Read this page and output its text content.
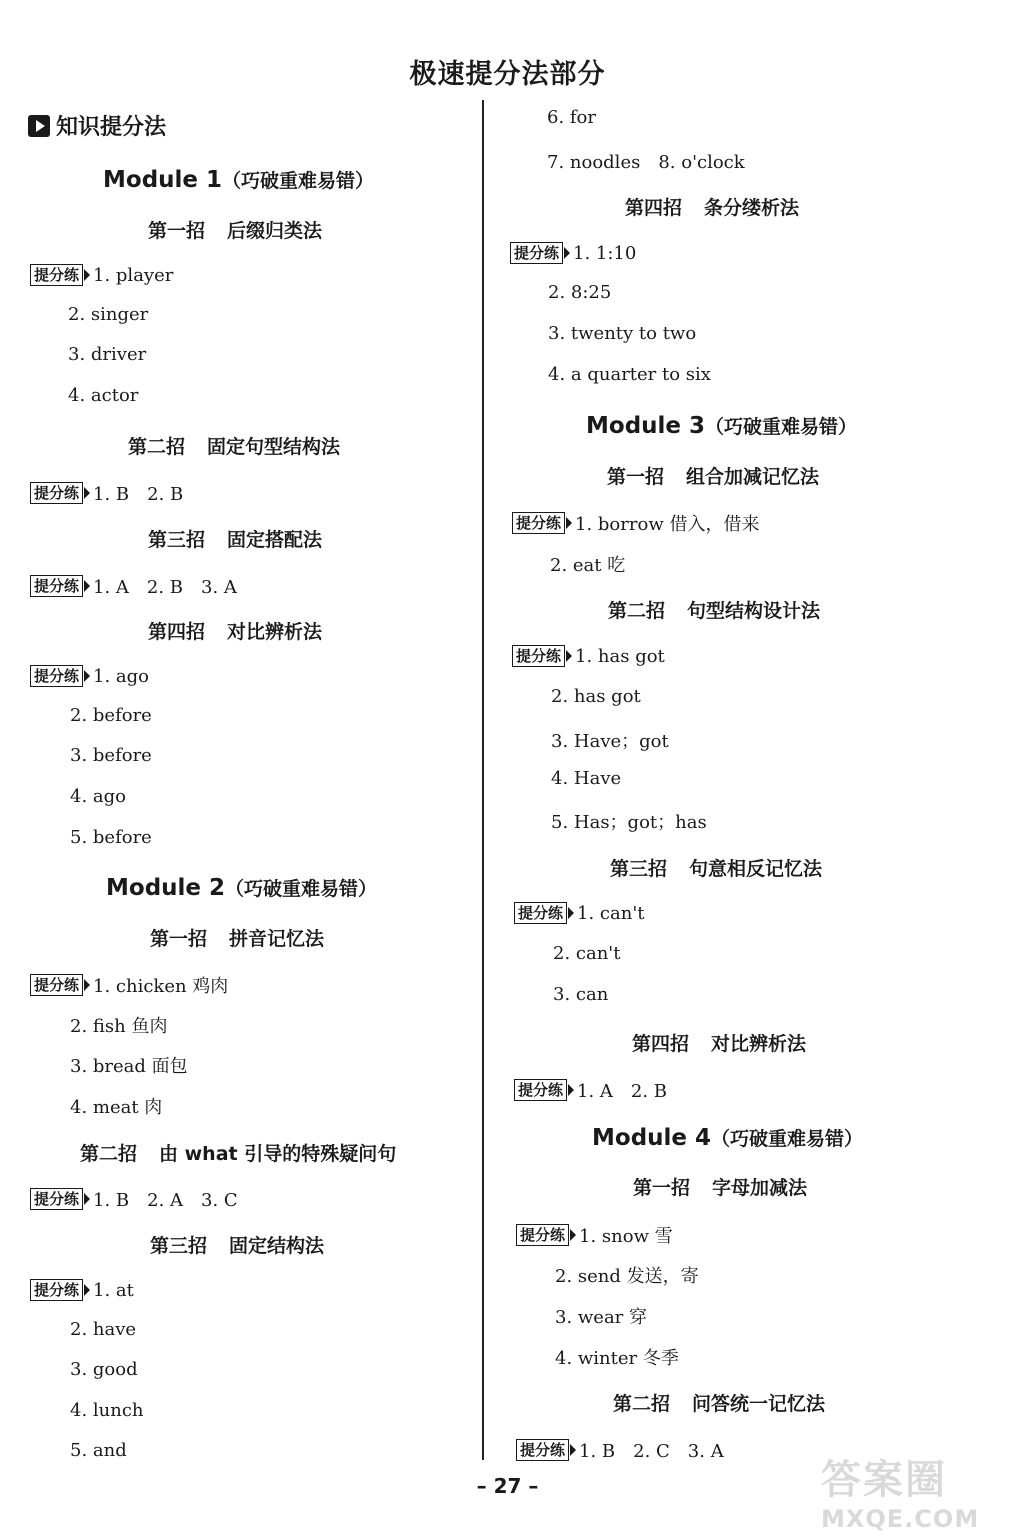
极速提分法部分
知识提分法
Module 1（巧破重难易错）
第一招 后缀归类法
提分练 1. player
2. singer
3. driver
4. actor
第二招 固定句型结构法
提分练 1. B　2. B
第三招 固定搭配法
提分练 1. A　2. B　3. A
第四招 对比辨析法
提分练 1. ago
2. before
3. before
4. ago
5. before
Module 2（巧破重难易错）
第一招 拼音记忆法
提分练 1. chicken 鸡肉
2. fish 鱼肉
3. bread 面包
4. meat 肉
第二招 由 what 引导的特殊疑问句
提分练 1. B　2. A　3. C
第三招 固定结构法
提分练 1. at
2. have
3. good
4. lunch
5. and
6. for
7. noodles　8. o'clock
第四招 条分缕析法
提分练 1. 1:10
2. 8:25
3. twenty to two
4. a quarter to six
Module 3（巧破重难易错）
第一招 组合加减记忆法
提分练 1. borrow 借入，借来
2. eat 吃
第二招 句型结构设计法
提分练 1. has got
2. has got
3. Have；got
4. Have
5. Has；got；has
第三招 句意相反记忆法
提分练 1. can't
2. can't
3. can
第四招 对比辨析法
提分练 1. A　2. B
Module 4（巧破重难易错）
第一招 字母加减法
提分练 1. snow 雪
2. send 发送，寄
3. wear 穿
4. winter 冬季
第二招 问答统一记忆法
提分练 1. B　2. C　3. A
– 27 –	答案圈
MXQE.COM
